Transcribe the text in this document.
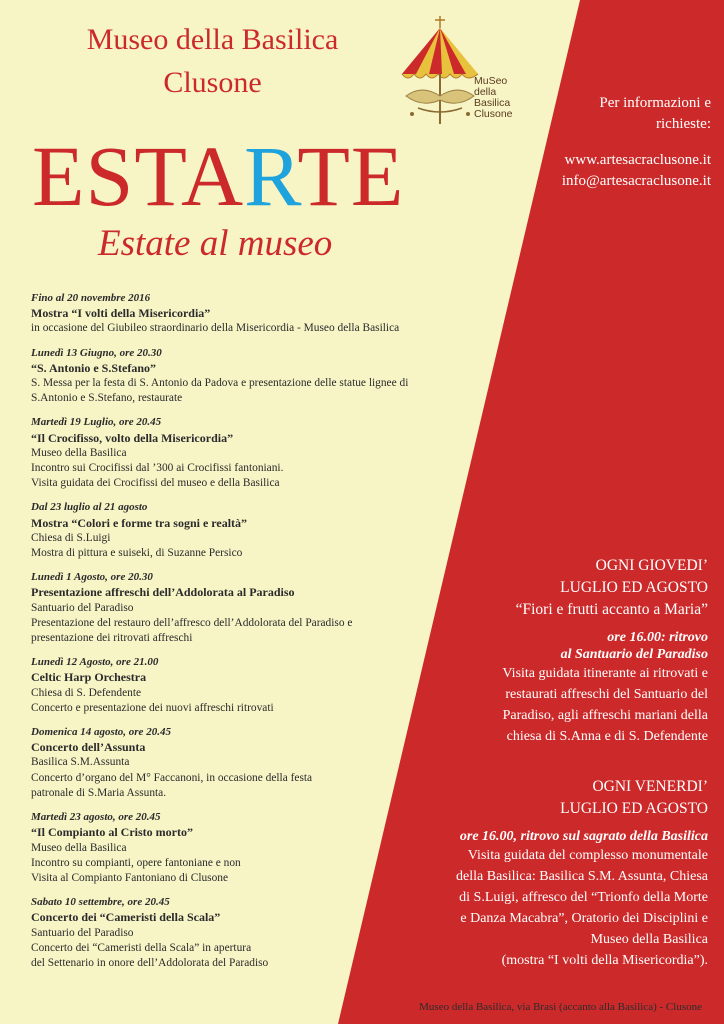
Museo della Basilica
Clusone	MuSeo
della
Basilica
Clusone
Per informazioni e
richieste:
www.artesacraclusone.it
info@artesacraclusone.it
ESTARTE
Estate al museo
Fino al 20 novembre 2016
Mostra “I volti della Misericordia”
in occasione del Giubileo straordinario della Misericordia - Museo della Basilica
Lunedì 13 Giugno, ore 20.30
“S. Antonio e S.Stefano”
S. Messa per la festa di S. Antonio da Padova e presentazione delle statue lignee di
S.Antonio e S.Stefano, restaurate
Martedì 19 Luglio, ore 20.45
“Il Crocifisso, volto della Misericordia”
Museo della Basilica
Incontro sui Crocifissi dal ’300 ai Crocifissi fantoniani.
Visita guidata dei Crocifissi del museo e della Basilica
Dal 23 luglio al 21 agosto
Mostra “Colori e forme tra sogni e realtà”
Chiesa di S.Luigi
Mostra di pittura e suiseki, di Suzanne Persico
Lunedì 1 Agosto, ore 20.30
Presentazione affreschi dell’Addolorata al Paradiso
Santuario del Paradiso
Presentazione del restauro dell’affresco dell’Addolorata del Paradiso e
presentazione dei ritrovati affreschi
Lunedì 12 Agosto, ore 21.00
Celtic Harp Orchestra
Chiesa di S. Defendente
Concerto e presentazione dei nuovi affreschi ritrovati
Domenica 14 agosto, ore 20.45
Concerto dell’Assunta
Basilica S.M.Assunta
Concerto d’organo del M° Faccanoni, in occasione della festa
patronale di S.Maria Assunta.
Martedì 23 agosto, ore 20.45
“Il Compianto al Cristo morto”
Museo della Basilica
Incontro su compianti, opere fantoniane e non
Visita al Compianto Fantoniano di Clusone
Sabato 10 settembre, ore 20.45
Concerto dei “Cameristi della Scala”
Santuario del Paradiso
Concerto dei “Cameristi della Scala” in apertura
del Settenario in onore dell’Addolorata del Paradiso
OGNI GIOVEDI’
LUGLIO ED AGOSTO
“Fiori e frutti accanto a Maria”
ore 16.00: ritrovo
al Santuario del Paradiso
Visita guidata itinerante ai ritrovati e
restaurati affreschi del Santuario del
Paradiso, agli affreschi mariani della
chiesa di S.Anna e di S. Defendente
OGNI VENERDI’
LUGLIO ED AGOSTO
ore 16.00, ritrovo sul sagrato della Basilica
Visita guidata del complesso monumentale
della Basilica: Basilica S.M. Assunta, Chiesa
di S.Luigi, affresco del “Trionfo della Morte
e Danza Macabra”, Oratorio dei Disciplini e
Museo della Basilica
(mostra “I volti della Misericordia”).
Museo della Basilica, via Brasi (accanto alla Basilica) - Clusone
